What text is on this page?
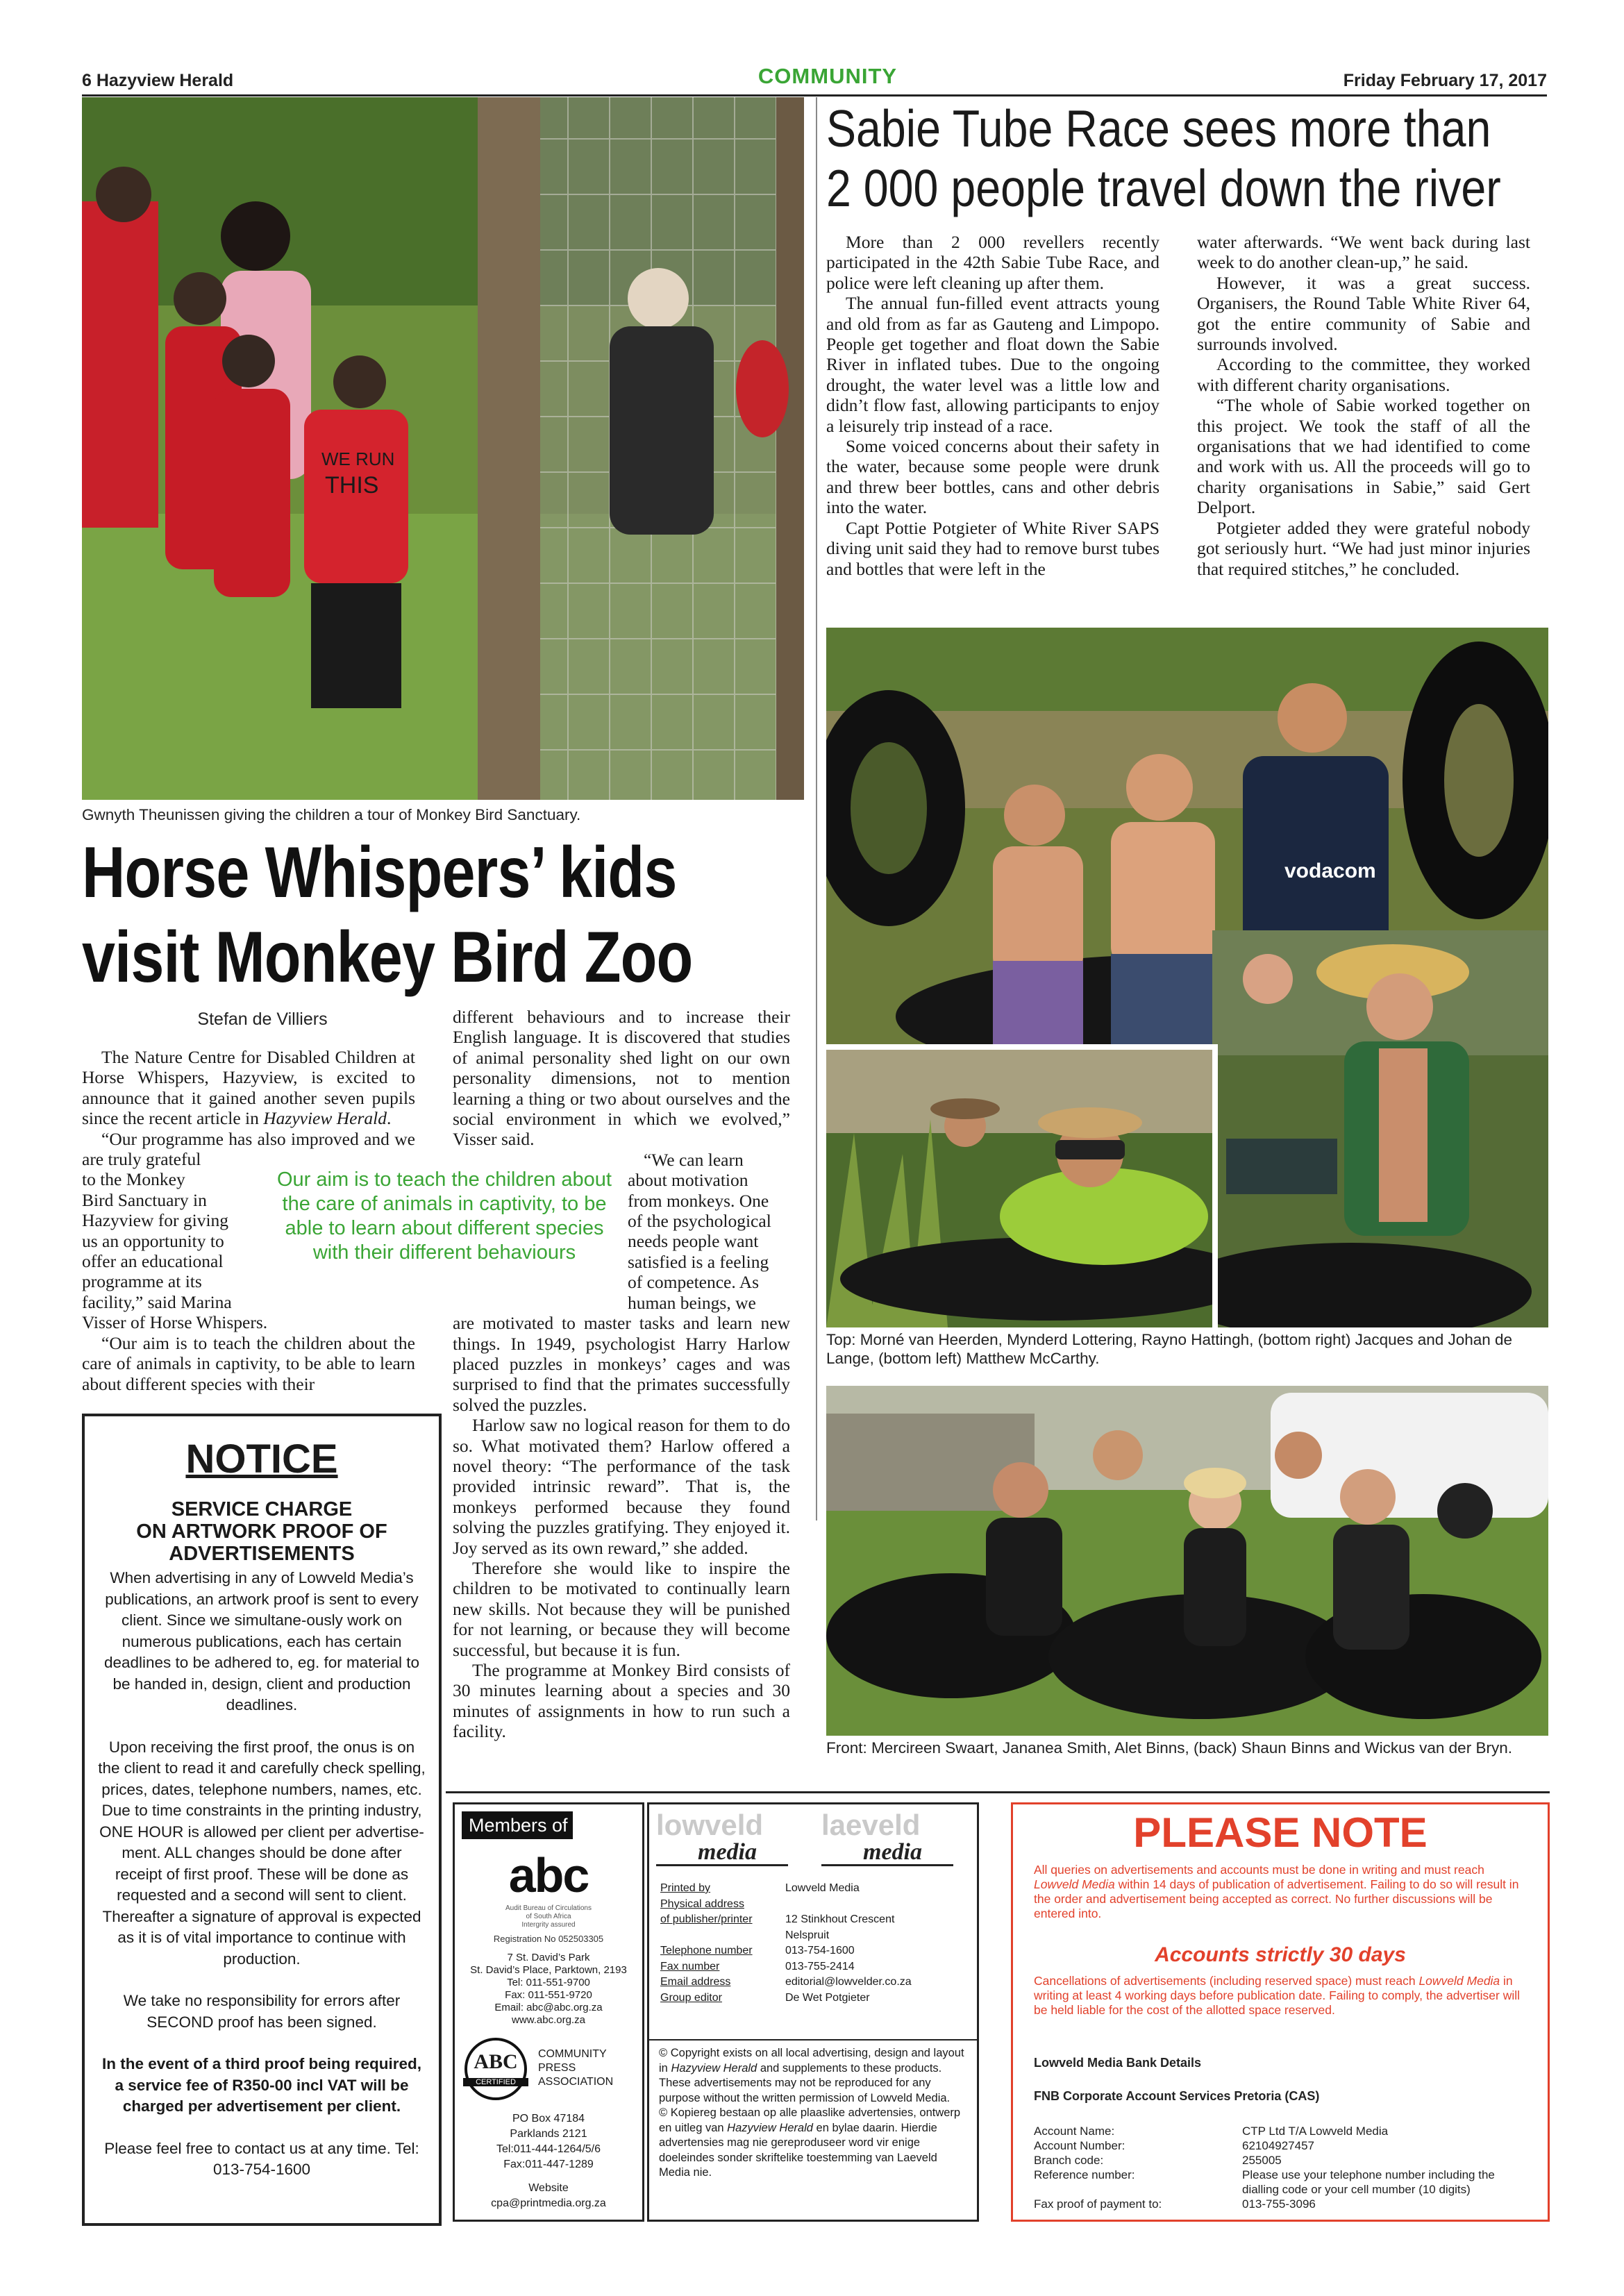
6 Hazyview Herald	COMMUNITY	Friday February 17, 2017
Sabie Tube Race sees more than
2 000 people travel down the river

More than 2 000 revellers recently participated in the 42th Sabie Tube Race, and police were left cleaning up after them.

The annual fun-filled event attracts young and old from as far as Gauteng and Limpopo. People get together and float down the Sabie River in inflated tubes. Due to the ongoing drought, the water level was a little low and didn’t flow fast, allowing participants to enjoy a leisurely trip instead of a race.

Some voiced concerns about their safety in the water, because some people were drunk and threw beer bottles, cans and other debris into the water.

Capt Pottie Potgieter of White River SAPS diving unit said they had to remove burst tubes and bottles that were left in the

water afterwards. “We went back during last week to do another clean-up,” he said.

However, it was a great success. Organisers, the Round Table White River 64, got the entire community of Sabie and surrounds involved.

According to the committee, they worked with different charity organisations.

“The whole of Sabie worked together on this project. We took the staff of all the organisations that we had identified to come and work with us. All the proceeds will go to charity organisations in Sabie,” said Gert Delport.

Potgieter added they were grateful nobody got seriously hurt. “We had just minor injuries that required stitches,” he concluded.

vodacom
Top: Morné van Heerden, Mynderd Lottering, Rayno Hattingh, (bottom right) Jacques and Johan de Lange, (bottom left) Matthew McCarthy.
Front: Mercireen Swaart, Jananea Smith, Alet Binns, (back) Shaun Binns and Wickus van der Bryn.
WE RUN
THIS
Gwnyth Theunissen giving the children a tour of Monkey Bird Sanctuary.
Horse Whispers’ kids
visit Monkey Bird Zoo
Stefan de Villiers

The Nature Centre for Disabled Children at Horse Whispers, Hazyview, is excited to announce that it gained another seven pupils since the recent article in Hazyview Herald.

“Our programme has also improved and we are truly grateful

to the Monkey
Bird Sanctuary in
Hazyview for giving
us an opportunity to
offer an educational
programme at its
facility,” said Marina
Visser of Horse Whispers.

“Our aim is to teach the children about the care of animals in captivity, to be able to learn about different species with their

Our aim is to teach the children about the care of animals in captivity, to be able to learn about different species with their different behaviours

different behaviours and to increase their English language. It is discovered that studies of animal personality shed light on our own personality dimensions, not to mention learning a thing or two about ourselves and the social environment in which we evolved,” Visser said.

“We can learn
about motivation
from monkeys. One
of the psychological
needs people want
satisfied is a feeling
of competence. As
human beings, we

are motivated to master tasks and learn new things. In 1949, psychologist Harry Harlow placed puzzles in monkeys’ cages and was surprised to find that the primates successfully solved the puzzles.

Harlow saw no logical reason for them to do so. What motivated them? Harlow offered a novel theory: “The performance of the task provided intrinsic reward”. That is, the monkeys performed because they found solving the puzzles gratifying. They enjoyed it. Joy served as its own reward,” she added.

Therefore she would like to inspire the children to be motivated to continually learn new skills. Not because they will be punished for not learning, or because they will become successful, but because it is fun.

The programme at Monkey Bird consists of 30 minutes learning about a species and 30 minutes of assignments in how to run such a facility.

NOTICE
SERVICE CHARGE
ON ARTWORK PROOF OF
ADVERTISEMENTS

When advertising in any of Lowveld Media’s publications, an artwork proof is sent to every client. Since we simultane-ously work on numerous publications, each has certain deadlines to be adhered to, eg. for material to be handed in, design, client and production deadlines.

Upon receiving the first proof, the onus is on the client to read it and carefully check spelling, prices, dates, telephone numbers, names, etc. Due to time constraints in the printing industry, ONE HOUR is allowed per client per advertise-ment. ALL changes should be done after receipt of first proof. These will be done as requested and a second will sent to client. Thereafter a signature of approval is expected as it is of vital importance to continue with production.

We take no responsibility for errors after SECOND proof has been signed.

In the event of a third proof being required, a service fee of R350-00 incl VAT will be charged per advertisement per client.

Please feel free to contact us at any time. Tel: 013-754-1600

Members of
abc
Audit Bureau of Circulations
of South Africa
Intergrity assured
Registration No 052503305
7 St. David’s Park
St. David’s Place, Parktown, 2193
Tel: 011-551-9700
Fax: 011-551-9720
Email: abc@abc.org.za
www.abc.org.za
ABC
CERTIFIED
COMMUNITY
PRESS
ASSOCIATION
PO Box 47184
Parklands 2121
Tel:011-444-1264/5/6
Fax:011-447-1289
Website
cpa@printmedia.org.za
lowveld
media
laeveld
media
Printed by	Lowveld Media
Physical address
of publisher/printer	12 Stinkhout Crescent
Nelspruit
Telephone number	013-754-1600
Fax number	013-755-2414
Email address	editorial@lowvelder.co.za
Group editor	De Wet Potgieter

© Copyright exists on all local advertising, design and layout in Hazyview Herald and supplements to these products. These advertisements may not be reproduced for any purpose without the written permission of Lowveld Media.

© Kopiereg bestaan op alle plaaslike advertensies, ontwerp en uitleg van Hazyview Herald en bylae daarin. Hierdie advertensies mag nie gereproduseer word vir enige doeleindes sonder skriftelike toestemming van Laeveld Media nie.

PLEASE NOTE
All queries on advertisements and accounts must be done in writing and must reach Lowveld Media within 14 days of publication of advertisement. Failing to do so will result in the order and advertisement being accepted as correct. No further discussions will be entered into.
Accounts strictly 30 days
Cancellations of advertisements (including reserved space) must reach Lowveld Media in writing at least 4 working days before publication date. Failing to comply, the advertiser will be held liable for the cost of the allotted space reserved.
Lowveld Media Bank Details
FNB Corporate Account Services Pretoria (CAS)
Account Name:	CTP Ltd T/A Lowveld Media
Account Number:	62104927457
Branch code:	255005
Reference number:	Please use your telephone number including the dialling code or your cell mumber (10 digits)
Fax proof of payment to:	013-755-3096
